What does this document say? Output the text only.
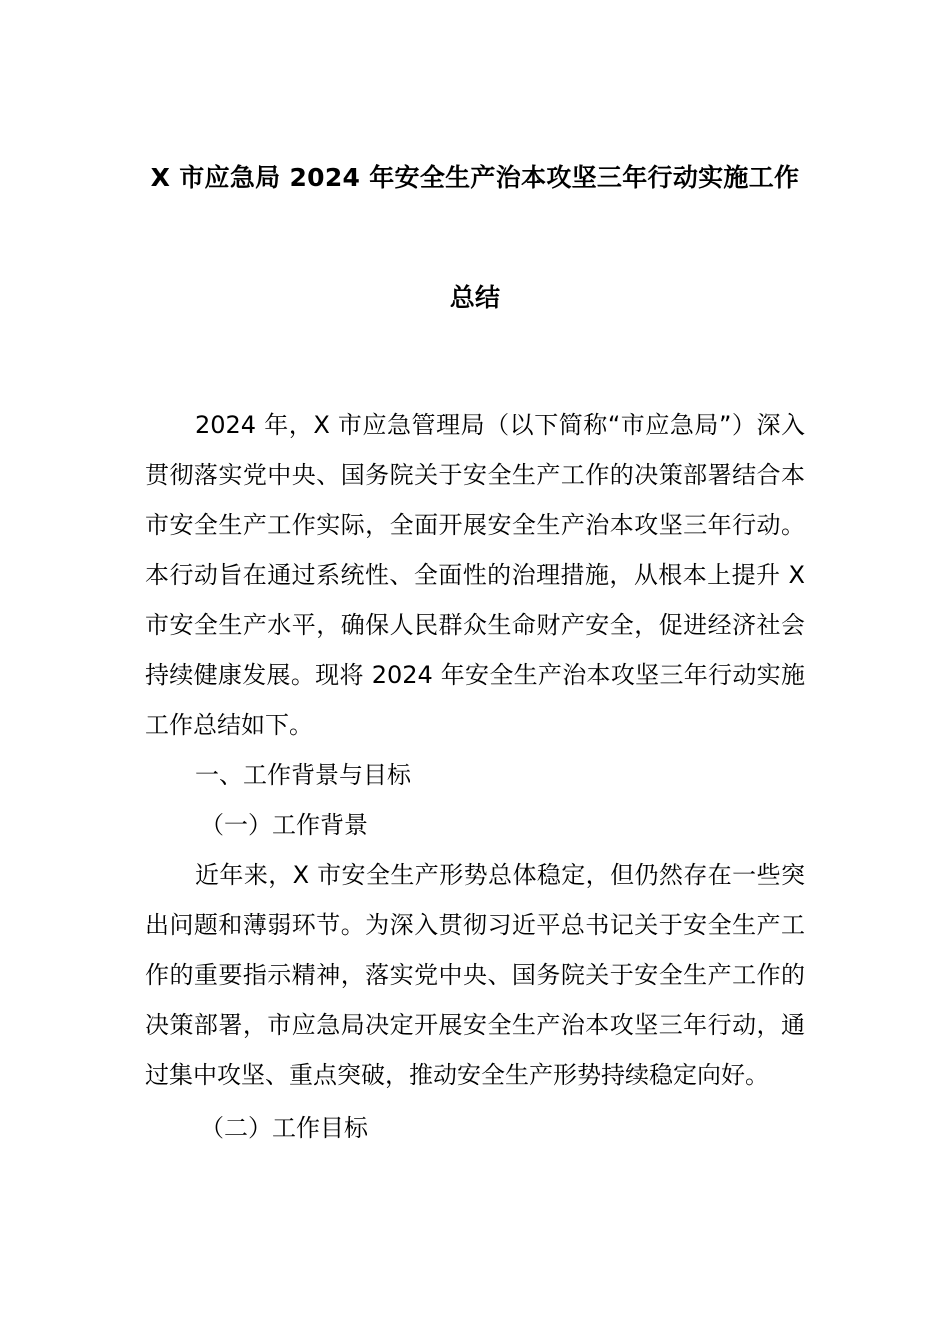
X 市应急局 2024 年安全生产治本攻坚三年行动实施工作
总结

2024 年，X 市应急管理局（以下简称“市应急局”）深入贯彻落实党中央、国务院关于安全生产工作的决策部署结合本市安全生产工作实际，全面开展安全生产治本攻坚三年行动。本行动旨在通过系统性、全面性的治理措施，从根本上提升 X 市安全生产水平，确保人民群众生命财产安全，促进经济社会持续健康发展。现将 2024 年安全生产治本攻坚三年行动实施工作总结如下。

一、工作背景与目标

（一）工作背景

近年来，X 市安全生产形势总体稳定，但仍然存在一些突出问题和薄弱环节。为深入贯彻习近平总书记关于安全生产工作的重要指示精神，落实党中央、国务院关于安全生产工作的决策部署，市应急局决定开展安全生产治本攻坚三年行动，通过集中攻坚、重点突破，推动安全生产形势持续稳定向好。

（二）工作目标
